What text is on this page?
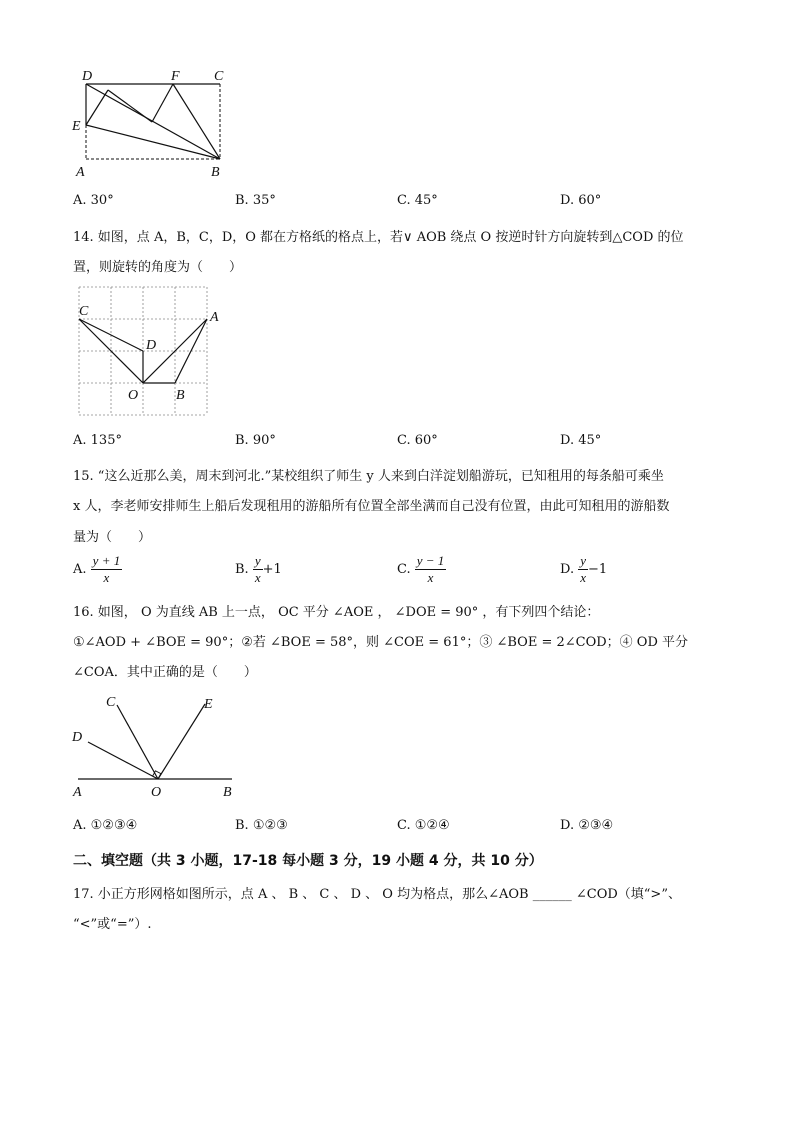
D	F C
E
A	B
A. 30°	B. 35°	C. 45°	D. 60°
14. 如图，点 A，B，C，D，O 都在方格纸的格点上，若∨ AOB 绕点 O 按逆时针方向旋转到△COD 的位
置，则旋转的角度为（　　）
C	A
D
O	B
A. 135°	B. 90°	C. 60°	D. 45°
15. “这么近那么美，周末到河北.”某校组织了师生 y 人来到白洋淀划船游玩，已知租用的每条船可乘坐
x 人，李老师安排师生上船后发现租用的游船所有位置全部坐满而自己没有位置，由此可知租用的游船数
量为（　　）
A. $\frac{y + 1}{x}$	B. $\frac{y}{x} +1$	C. $\frac{y - 1}{x}$	D. $\frac{y}{x} -1$
16. 如图， O 为直线 AB 上一点， OC 平分 ∠AOE ， ∠DOE = 90° ，有下列四个结论：
①∠AOD + ∠BOE = 90°；②若 ∠BOE = 58°，则 ∠COE = 61°；③ ∠BOE = 2∠COD；④ OD 平分
∠COA．其中正确的是（　　）
C	E
D
A	O	B
A. ①②③④	B. ①②③	C. ①②④	D. ②③④
二、填空题（共 3 小题，17-18 每小题 3 分，19 小题 4 分，共 10 分）
17. 小正方形网格如图所示，点 A 、 B 、 C 、 D 、 O 均为格点，那么∠AOB ______ ∠COD（填“>”、
“<”或“=”）.
